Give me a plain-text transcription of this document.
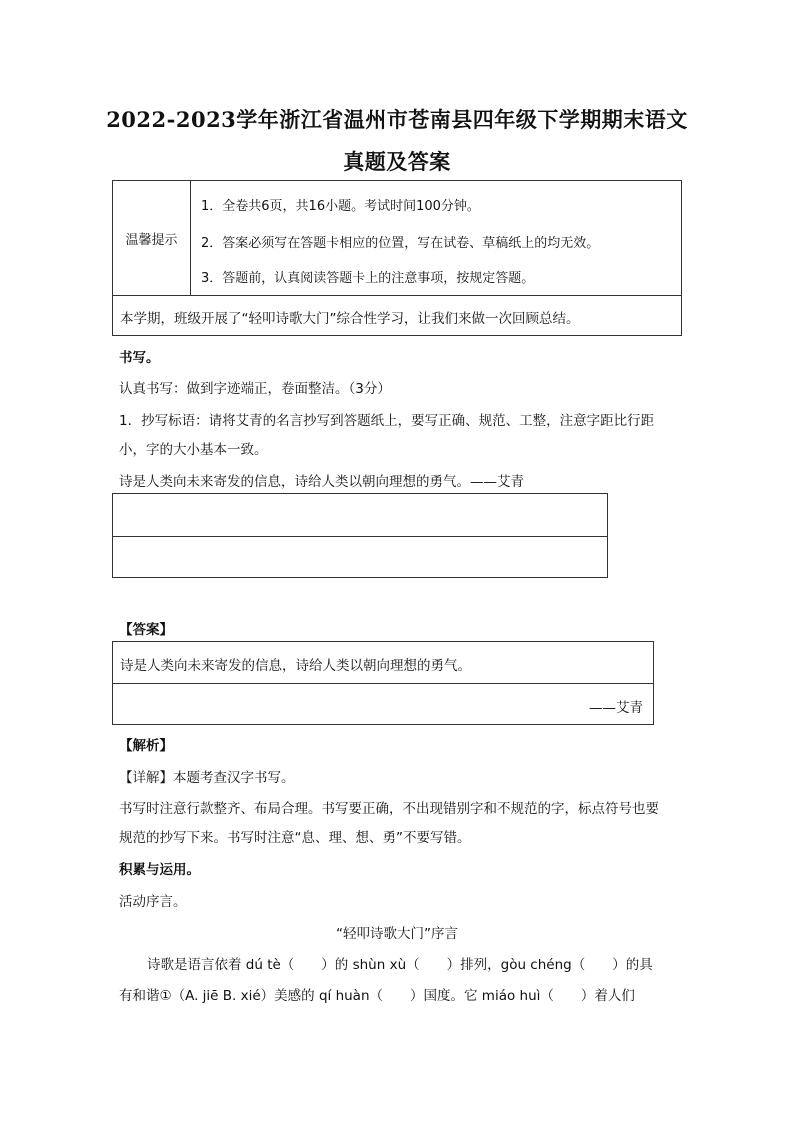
2022-2023学年浙江省温州市苍南县四年级下学期期末语文
真题及答案
温馨提示
1．全卷共6页，共16小题。考试时间100分钟。
2．答案必须写在答题卡相应的位置，写在试卷、草稿纸上的均无效。
3．答题前，认真阅读答题卡上的注意事项，按规定答题。
本学期，班级开展了“轻叩诗歌大门”综合性学习，让我们来做一次回顾总结。
书写。
认真书写：做到字迹端正，卷面整洁。（3分）
1．抄写标语：请将艾青的名言抄写到答题纸上，要写正确、规范、工整，注意字距比行距
小，字的大小基本一致。
诗是人类向未来寄发的信息，诗给人类以朝向理想的勇气。——艾青
【答案】
诗是人类向未来寄发的信息，诗给人类以朝向理想的勇气。
——艾青
【解析】
【详解】本题考查汉字书写。
书写时注意行款整齐、布局合理。书写要正确，不出现错别字和不规范的字，标点符号也要
规范的抄写下来。书写时注意“息、理、想、勇”不要写错。
积累与运用。
活动序言。
“轻叩诗歌大门”序言
诗歌是语言依着 dú tè（　　）的 shùn xù（　　）排列，gòu chéng（　　）的具
有和谐①（A. jiē B. xié）美感的 qí huàn（　　）国度。它 miáo huì（　　）着人们
